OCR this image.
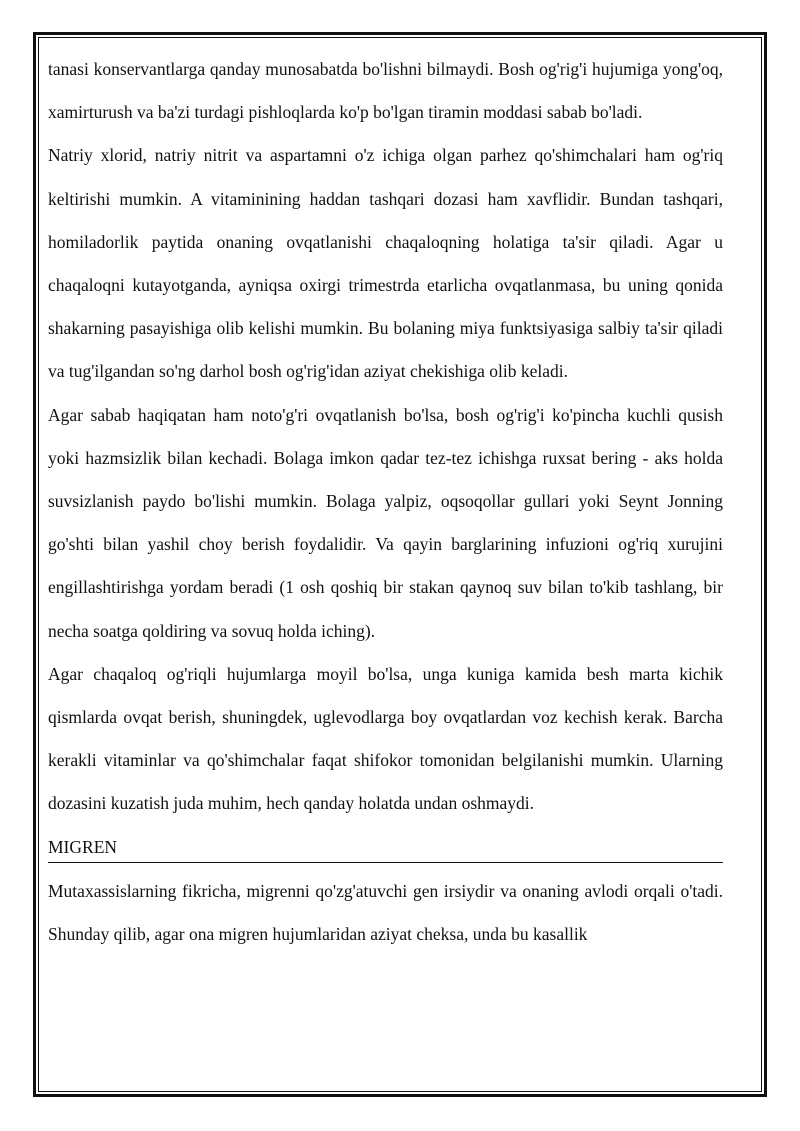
tanasi konservantlarga qanday munosabatda bo'lishni bilmaydi. Bosh og'rig'i hujumiga yong'oq, xamirturush va ba'zi turdagi pishloqlarda ko'p bo'lgan tiramin moddasi sabab bo'ladi.

Natriy xlorid, natriy nitrit va aspartamni o'z ichiga olgan parhez qo'shimchalari ham og'riq keltirishi mumkin. A vitaminining haddan tashqari dozasi ham xavflidir. Bundan tashqari, homiladorlik paytida onaning ovqatlanishi chaqaloqning holatiga ta'sir qiladi. Agar u chaqaloqni kutayotganda, ayniqsa oxirgi trimestrda etarlicha ovqatlanmasa, bu uning qonida shakarning pasayishiga olib kelishi mumkin. Bu bolaning miya funktsiyasiga salbiy ta'sir qiladi va tug'ilgandan so'ng darhol bosh og'rig'idan aziyat chekishiga olib keladi.

Agar sabab haqiqatan ham noto'g'ri ovqatlanish bo'lsa, bosh og'rig'i ko'pincha kuchli qusish yoki hazmsizlik bilan kechadi. Bolaga imkon qadar tez-tez ichishga ruxsat bering - aks holda suvsizlanish paydo bo'lishi mumkin. Bolaga yalpiz, oqsoqollar gullari yoki Seynt Jonning go'shti bilan yashil choy berish foydalidir. Va qayin barglarining infuzioni og'riq xurujini engillashtirishga yordam beradi (1 osh qoshiq bir stakan qaynoq suv bilan to'kib tashlang, bir necha soatga qoldiring va sovuq holda iching).

Agar chaqaloq og'riqli hujumlarga moyil bo'lsa, unga kuniga kamida besh marta kichik qismlarda ovqat berish, shuningdek, uglevodlarga boy ovqatlardan voz kechish kerak. Barcha kerakli vitaminlar va qo'shimchalar faqat shifokor tomonidan belgilanishi mumkin. Ularning dozasini kuzatish juda muhim, hech qanday holatda undan oshmaydi.

MIGREN

Mutaxassislarning fikricha, migrenni qo'zg'atuvchi gen irsiydir va onaning avlodi orqali o'tadi. Shunday qilib, agar ona migren hujumlaridan aziyat cheksa, unda bu kasallik
